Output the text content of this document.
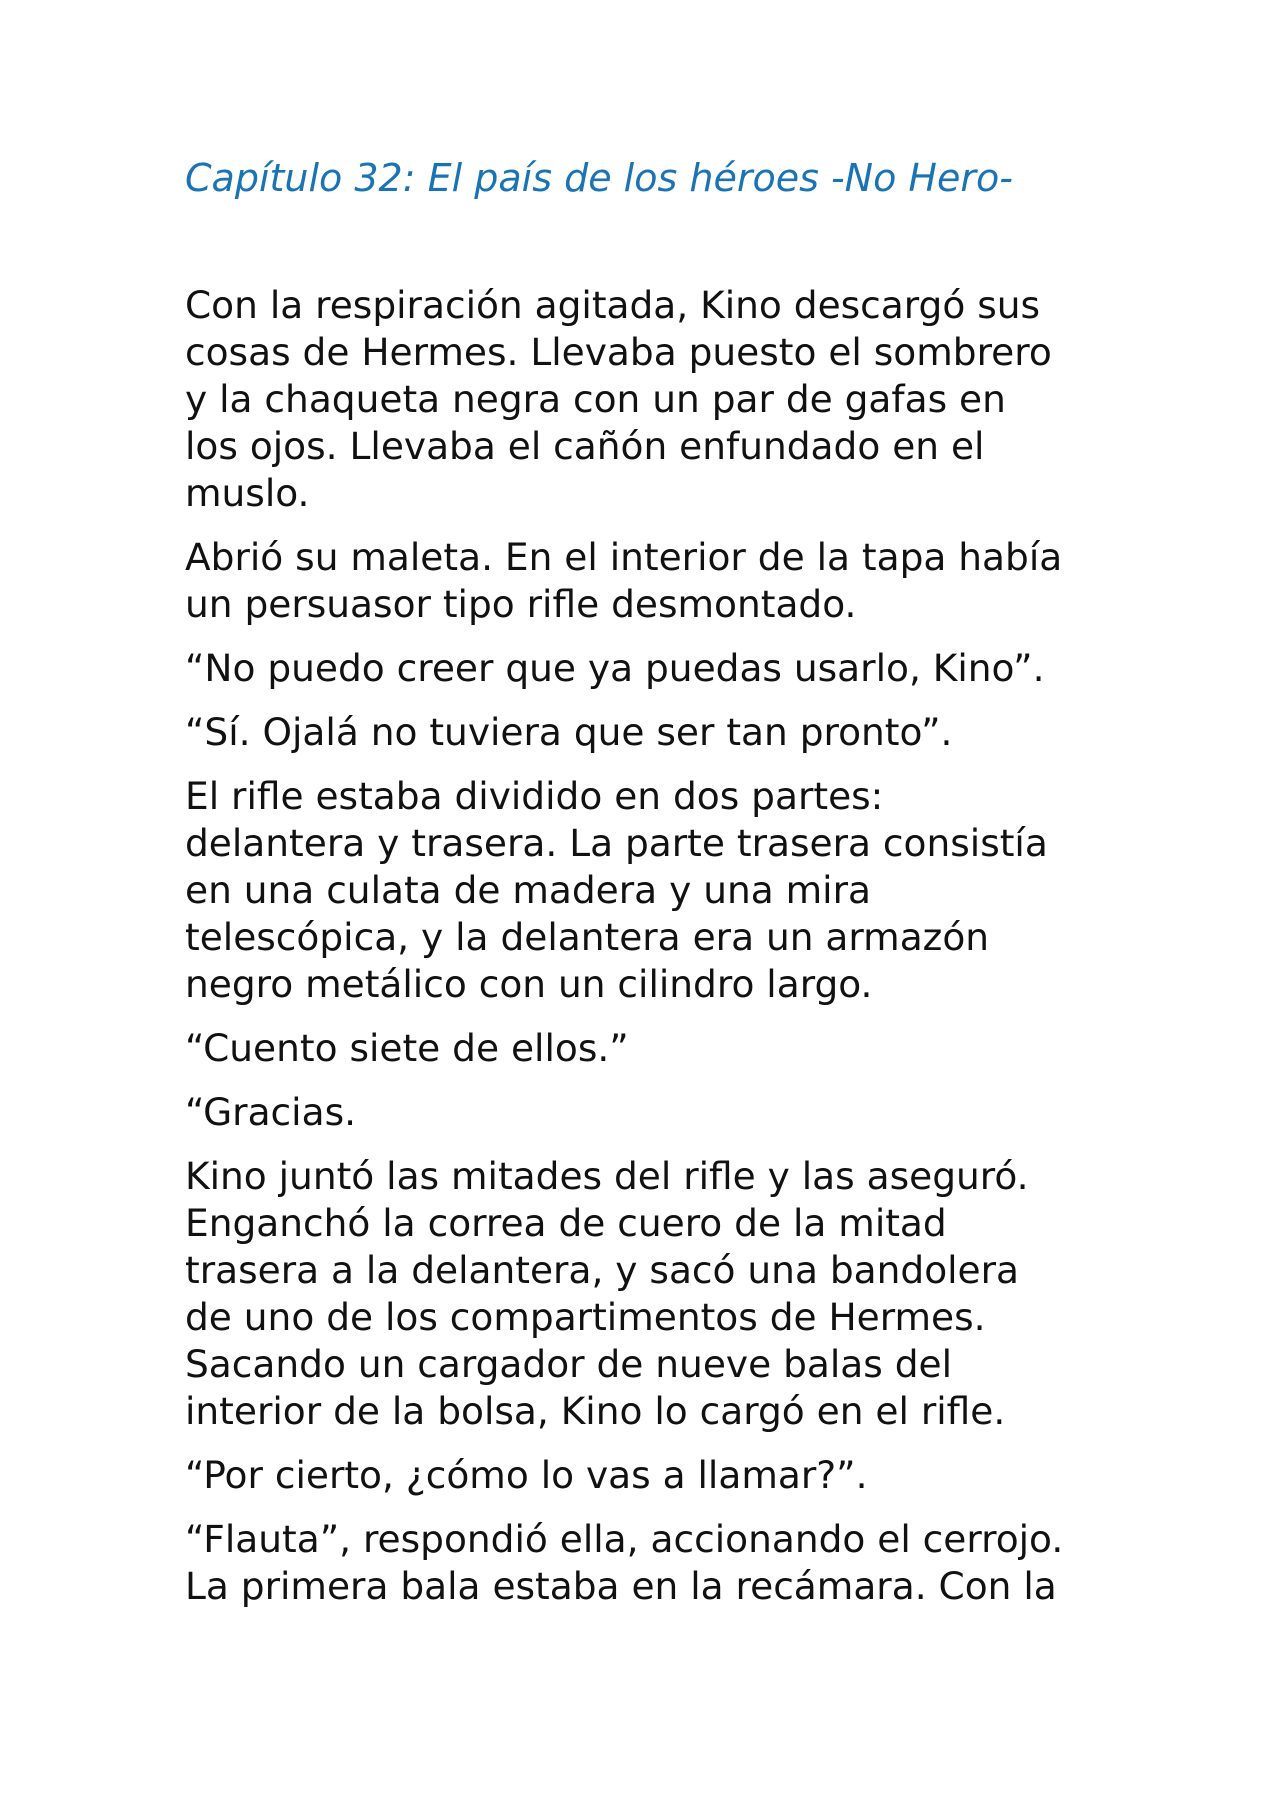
Capítulo 32: El país de los héroes -No Hero-

Con la respiración agitada, Kino descargó sus
cosas de Hermes. Llevaba puesto el sombrero
y la chaqueta negra con un par de gafas en
los ojos. Llevaba el cañón enfundado en el
muslo.

Abrió su maleta. En el interior de la tapa había
un persuasor tipo rifle desmontado.

“No puedo creer que ya puedas usarlo, Kino”.

“Sí. Ojalá no tuviera que ser tan pronto”.

El rifle estaba dividido en dos partes:
delantera y trasera. La parte trasera consistía
en una culata de madera y una mira
telescópica, y la delantera era un armazón
negro metálico con un cilindro largo.

“Cuento siete de ellos.”

“Gracias.

Kino juntó las mitades del rifle y las aseguró.
Enganchó la correa de cuero de la mitad
trasera a la delantera, y sacó una bandolera
de uno de los compartimentos de Hermes.
Sacando un cargador de nueve balas del
interior de la bolsa, Kino lo cargó en el rifle.

“Por cierto, ¿cómo lo vas a llamar?”.

“Flauta”, respondió ella, accionando el cerrojo.
La primera bala estaba en la recámara. Con la
